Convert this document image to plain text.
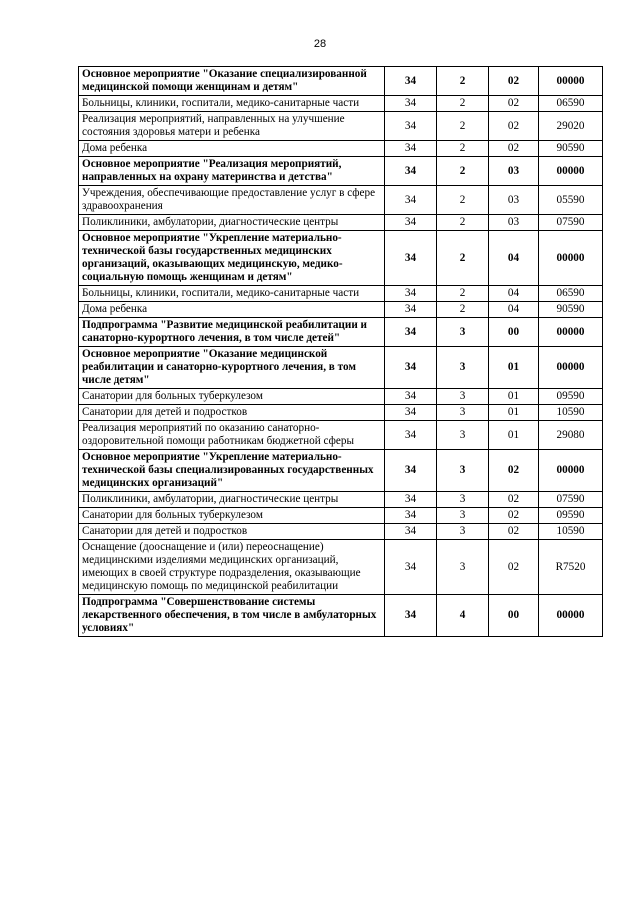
28
Основное мероприятие "Оказание специализированной медицинской помощи женщинам и детям"	34	2	02	00000
Больницы, клиники, госпитали, медико-санитарные части	34	2	02	06590
Реализация мероприятий, направленных на улучшение состояния здоровья матери и ребенка	34	2	02	29020
Дома ребенка	34	2	02	90590
Основное мероприятие "Реализация мероприятий, направленных на охрану материнства и детства"	34	2	03	00000
Учреждения, обеспечивающие предоставление услуг в сфере здравоохранения	34	2	03	05590
Поликлиники, амбулатории, диагностические центры	34	2	03	07590
Основное мероприятие "Укрепление материально-технической базы государственных медицинских организаций, оказывающих медицинскую, медико-социальную помощь женщинам и детям"	34	2	04	00000
Больницы, клиники, госпитали, медико-санитарные части	34	2	04	06590
Дома ребенка	34	2	04	90590
Подпрограмма "Развитие медицинской реабилитации и санаторно-курортного лечения, в том числе детей"	34	3	00	00000
Основное мероприятие "Оказание медицинской реабилитации и санаторно-курортного лечения, в том числе детям"	34	3	01	00000
Санатории для больных туберкулезом	34	3	01	09590
Санатории для детей и подростков	34	3	01	10590
Реализация мероприятий по оказанию санаторно-оздоровительной помощи работникам бюджетной сферы	34	3	01	29080
Основное мероприятие "Укрепление материально-технической базы специализированных государственных медицинских организаций"	34	3	02	00000
Поликлиники, амбулатории, диагностические центры	34	3	02	07590
Санатории для больных туберкулезом	34	3	02	09590
Санатории для детей и подростков	34	3	02	10590
Оснащение (дооснащение и (или) переоснащение) медицинскими изделиями медицинских организаций, имеющих в своей структуре подразделения, оказывающие медицинскую помощь по медицинской реабилитации	34	3	02	R7520
Подпрограмма "Совершенствование системы лекарственного обеспечения, в том числе в амбулаторных условиях"	34	4	00	00000
